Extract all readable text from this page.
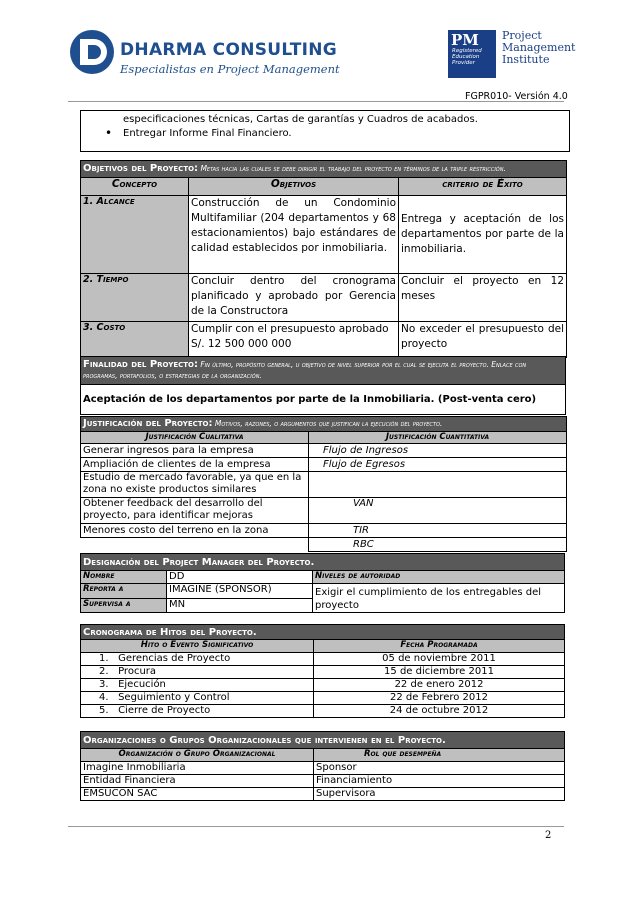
DHARMA CONSULTING
Especialistas en Project Management
PM
Registered
Education
Provider
Project
Management
Institute
FGPR010- Versión 4.0
especificaciones técnicas, Cartas de garantías y Cuadros de acabados.
• Entregar Informe Final Financiero.
Objetivos del Proyecto: Metas hacia las cuales se debe dirigir el trabajo del proyecto en términos de la triple restricción.		
Concepto	Objetivos	criterio de Éxito
1. Alcance	Construcción de un Condominio Multifamiliar (204 departamentos y 68 estacionamientos) bajo estándares de calidad establecidos por inmobiliaria.	Entrega y aceptación de los departamentos por parte de la inmobiliaria.
2. Tiempo	Concluir dentro del cronograma planificado y aprobado por Gerencia de la Constructora	Concluir el proyecto en 12 meses
3. Costo	Cumplir con el presupuesto aprobado S/. 12 500 000 000	No exceder el presupuesto del proyecto
Finalidad del Proyecto: Fin último, propósito general, u objetivo de nivel superior por el cual se ejecuta el proyecto. Enlace con programas, portafolios, o estrategias de la organización.
Aceptación de los departamentos por parte de la Inmobiliaria. (Post-venta cero)
Justificación del Proyecto: Motivos, razones, o argumentos que justifican la ejecución del proyecto.	
Justificación Cualitativa	Justificación Cuantitativa
Generar ingresos para la empresa	Flujo de Ingresos
Ampliación de clientes de la empresa	Flujo de Egresos
Estudio de mercado favorable, ya que en la zona no existe productos similares	
Obtener feedback del desarrollo del proyecto, para identificar mejoras	VAN
Menores costo del terreno en la zona	TIR
	RBC
Designación del Project Manager del Proyecto.		
Nombre	DD	Niveles de autoridad
Reporta a	IMAGINE (SPONSOR)	Exigir el cumplimiento de los entregables del proyecto
Supervisa a	MN	
Cronograma de Hitos del Proyecto.	
Hito o Evento Significativo	Fecha Programada
1.   Gerencias de Proyecto	05 de noviembre 2011
2.   Procura	15 de diciembre 2011
3.   Ejecución	22 de enero 2012
4.   Seguimiento y Control	22 de Febrero 2012
5.   Cierre de Proyecto	24 de octubre 2012
Organizaciones o Grupos Organizacionales que intervienen en el Proyecto.	
Organización o Grupo Organizacional	Rol que desempeña
Imagine Inmobiliaria	Sponsor
Entidad Financiera	Financiamiento
EMSUCON SAC	Supervisora
2
